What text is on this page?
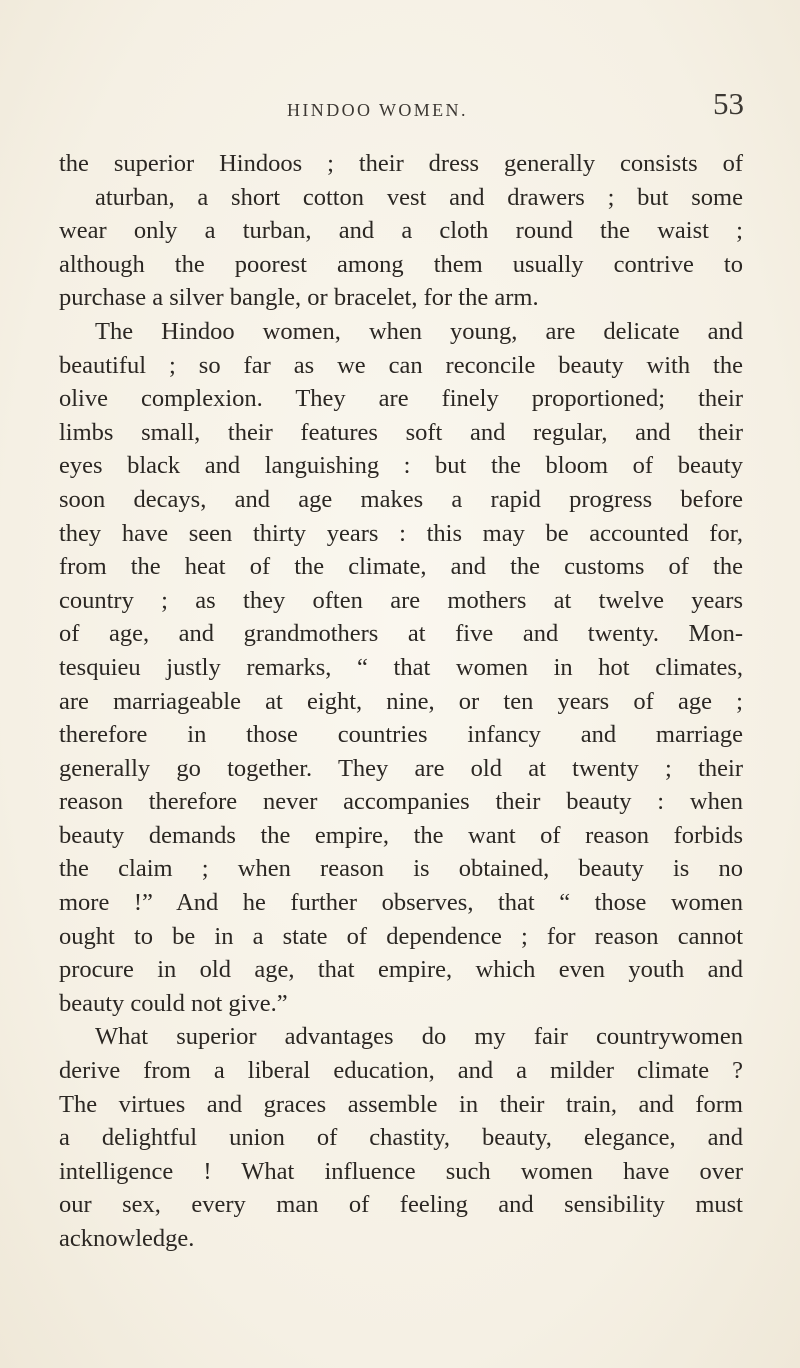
HINDOO WOMEN.	53
the superior Hindoos ; their dress generally consists of
aturban, a short cotton vest and drawers ; but some
wear only a turban, and a cloth round the waist ;
although the poorest among them usually contrive to
purchase a silver bangle, or bracelet, for the arm.
The Hindoo women, when young, are delicate and
beautiful ; so far as we can reconcile beauty with the
olive complexion. They are finely proportioned; their
limbs small, their features soft and regular, and their
eyes black and languishing : but the bloom of beauty
soon decays, and age makes a rapid progress before
they have seen thirty years : this may be accounted for,
from the heat of the climate, and the customs of the
country ; as they often are mothers at twelve years
of age, and grandmothers at five and twenty. Mon-
tesquieu justly remarks, “ that women in hot climates,
are marriageable at eight, nine, or ten years of age ;
therefore in those countries infancy and marriage
generally go together. They are old at twenty ; their
reason therefore never accompanies their beauty : when
beauty demands the empire, the want of reason forbids
the claim ; when reason is obtained, beauty is no
more !” And he further observes, that “ those women
ought to be in a state of dependence ; for reason cannot
procure in old age, that empire, which even youth and
beauty could not give.”
What superior advantages do my fair countrywomen
derive from a liberal education, and a milder climate ?
The virtues and graces assemble in their train, and form
a delightful union of chastity, beauty, elegance, and
intelligence ! What influence such women have over
our sex, every man of feeling and sensibility must
acknowledge.
